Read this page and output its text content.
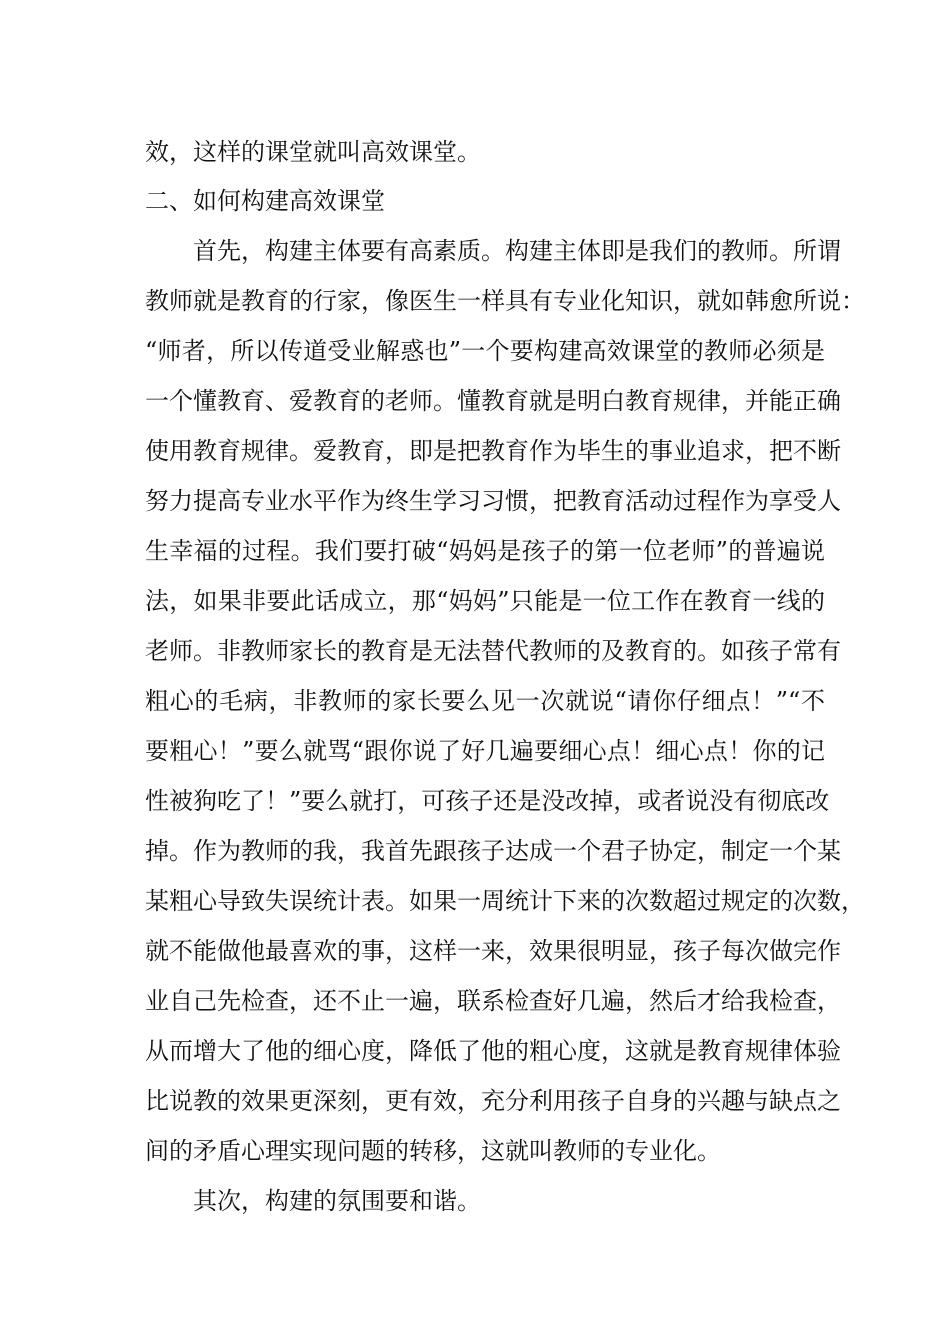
效，这样的课堂就叫高效课堂。
二、如何构建高效课堂
首先，构建主体要有高素质。构建主体即是我们的教师。所谓
教师就是教育的行家，像医生一样具有专业化知识，就如韩愈所说：
“师者，所以传道受业解惑也”一个要构建高效课堂的教师必须是
一个懂教育、爱教育的老师。懂教育就是明白教育规律，并能正确
使用教育规律。爱教育，即是把教育作为毕生的事业追求，把不断
努力提高专业水平作为终生学习习惯，把教育活动过程作为享受人
生幸福的过程。我们要打破“妈妈是孩子的第一位老师”的普遍说
法，如果非要此话成立，那“妈妈”只能是一位工作在教育一线的
老师。非教师家长的教育是无法替代教师的及教育的。如孩子常有
粗心的毛病，非教师的家长要么见一次就说“请你仔细点！”“不
要粗心！”要么就骂“跟你说了好几遍要细心点！细心点！你的记
性被狗吃了！”要么就打，可孩子还是没改掉，或者说没有彻底改
掉。作为教师的我，我首先跟孩子达成一个君子协定，制定一个某
某粗心导致失误统计表。如果一周统计下来的次数超过规定的次数，
就不能做他最喜欢的事，这样一来，效果很明显，孩子每次做完作
业自己先检查，还不止一遍，联系检查好几遍，然后才给我检查，
从而增大了他的细心度，降低了他的粗心度，这就是教育规律体验
比说教的效果更深刻，更有效，充分利用孩子自身的兴趣与缺点之
间的矛盾心理实现问题的转移，这就叫教师的专业化。
其次，构建的氛围要和谐。
